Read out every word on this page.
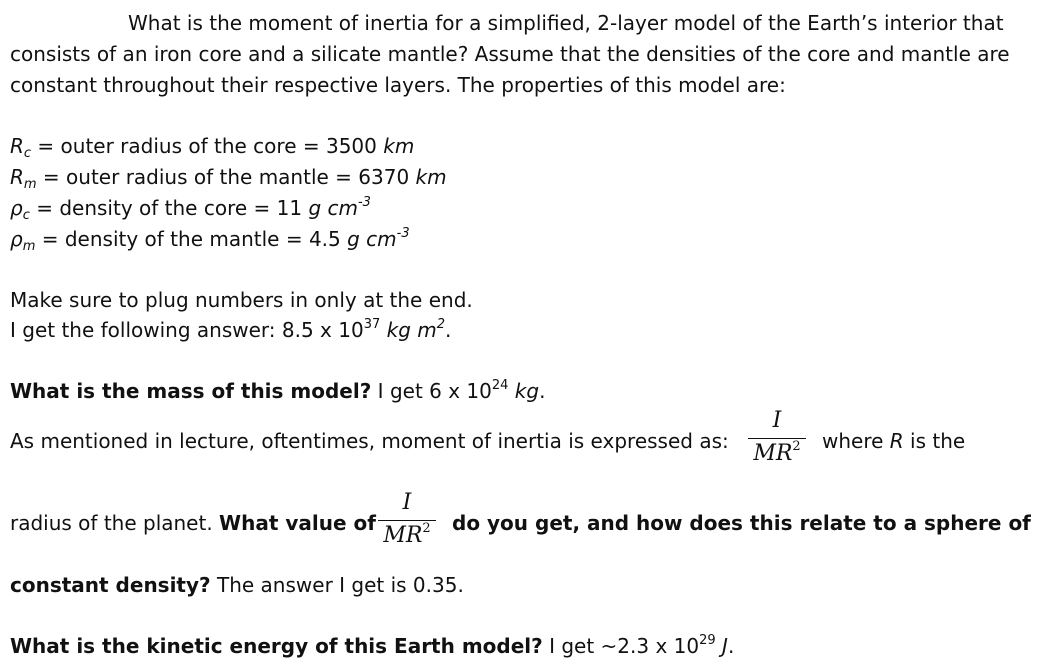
What is the moment of inertia for a simplified, 2-layer model of the Earth’s interior that
consists of an iron core and a silicate mantle? Assume that the densities of the core and mantle are
constant throughout their respective layers. The properties of this model are:
$R_c$ = outer radius of the core = 3500 km
$R_m$ = outer radius of the mantle = 6370 km
$\rho_c$ = density of the core = 11 g $cm^{-3}$
$\rho_m$ = density of the mantle = 4.5 g $cm^{-3}$
Make sure to plug numbers in only at the end.
I get the following answer: 8.5 x $10^{37}$ kg $m^2$.
What is the mass of this model? I get 6 x $10^{24}$ kg.
As mentioned in lecture, oftentimes, moment of inertia is expressed as:
I
$MR^2$ where R is the
radius of the planet. What value of
I
$MR^2$ do you get, and how does this relate to a sphere of
constant density? The answer I get is 0.35.
What is the kinetic energy of this Earth model? I get ~2.3 x $10^{29}$ J.
